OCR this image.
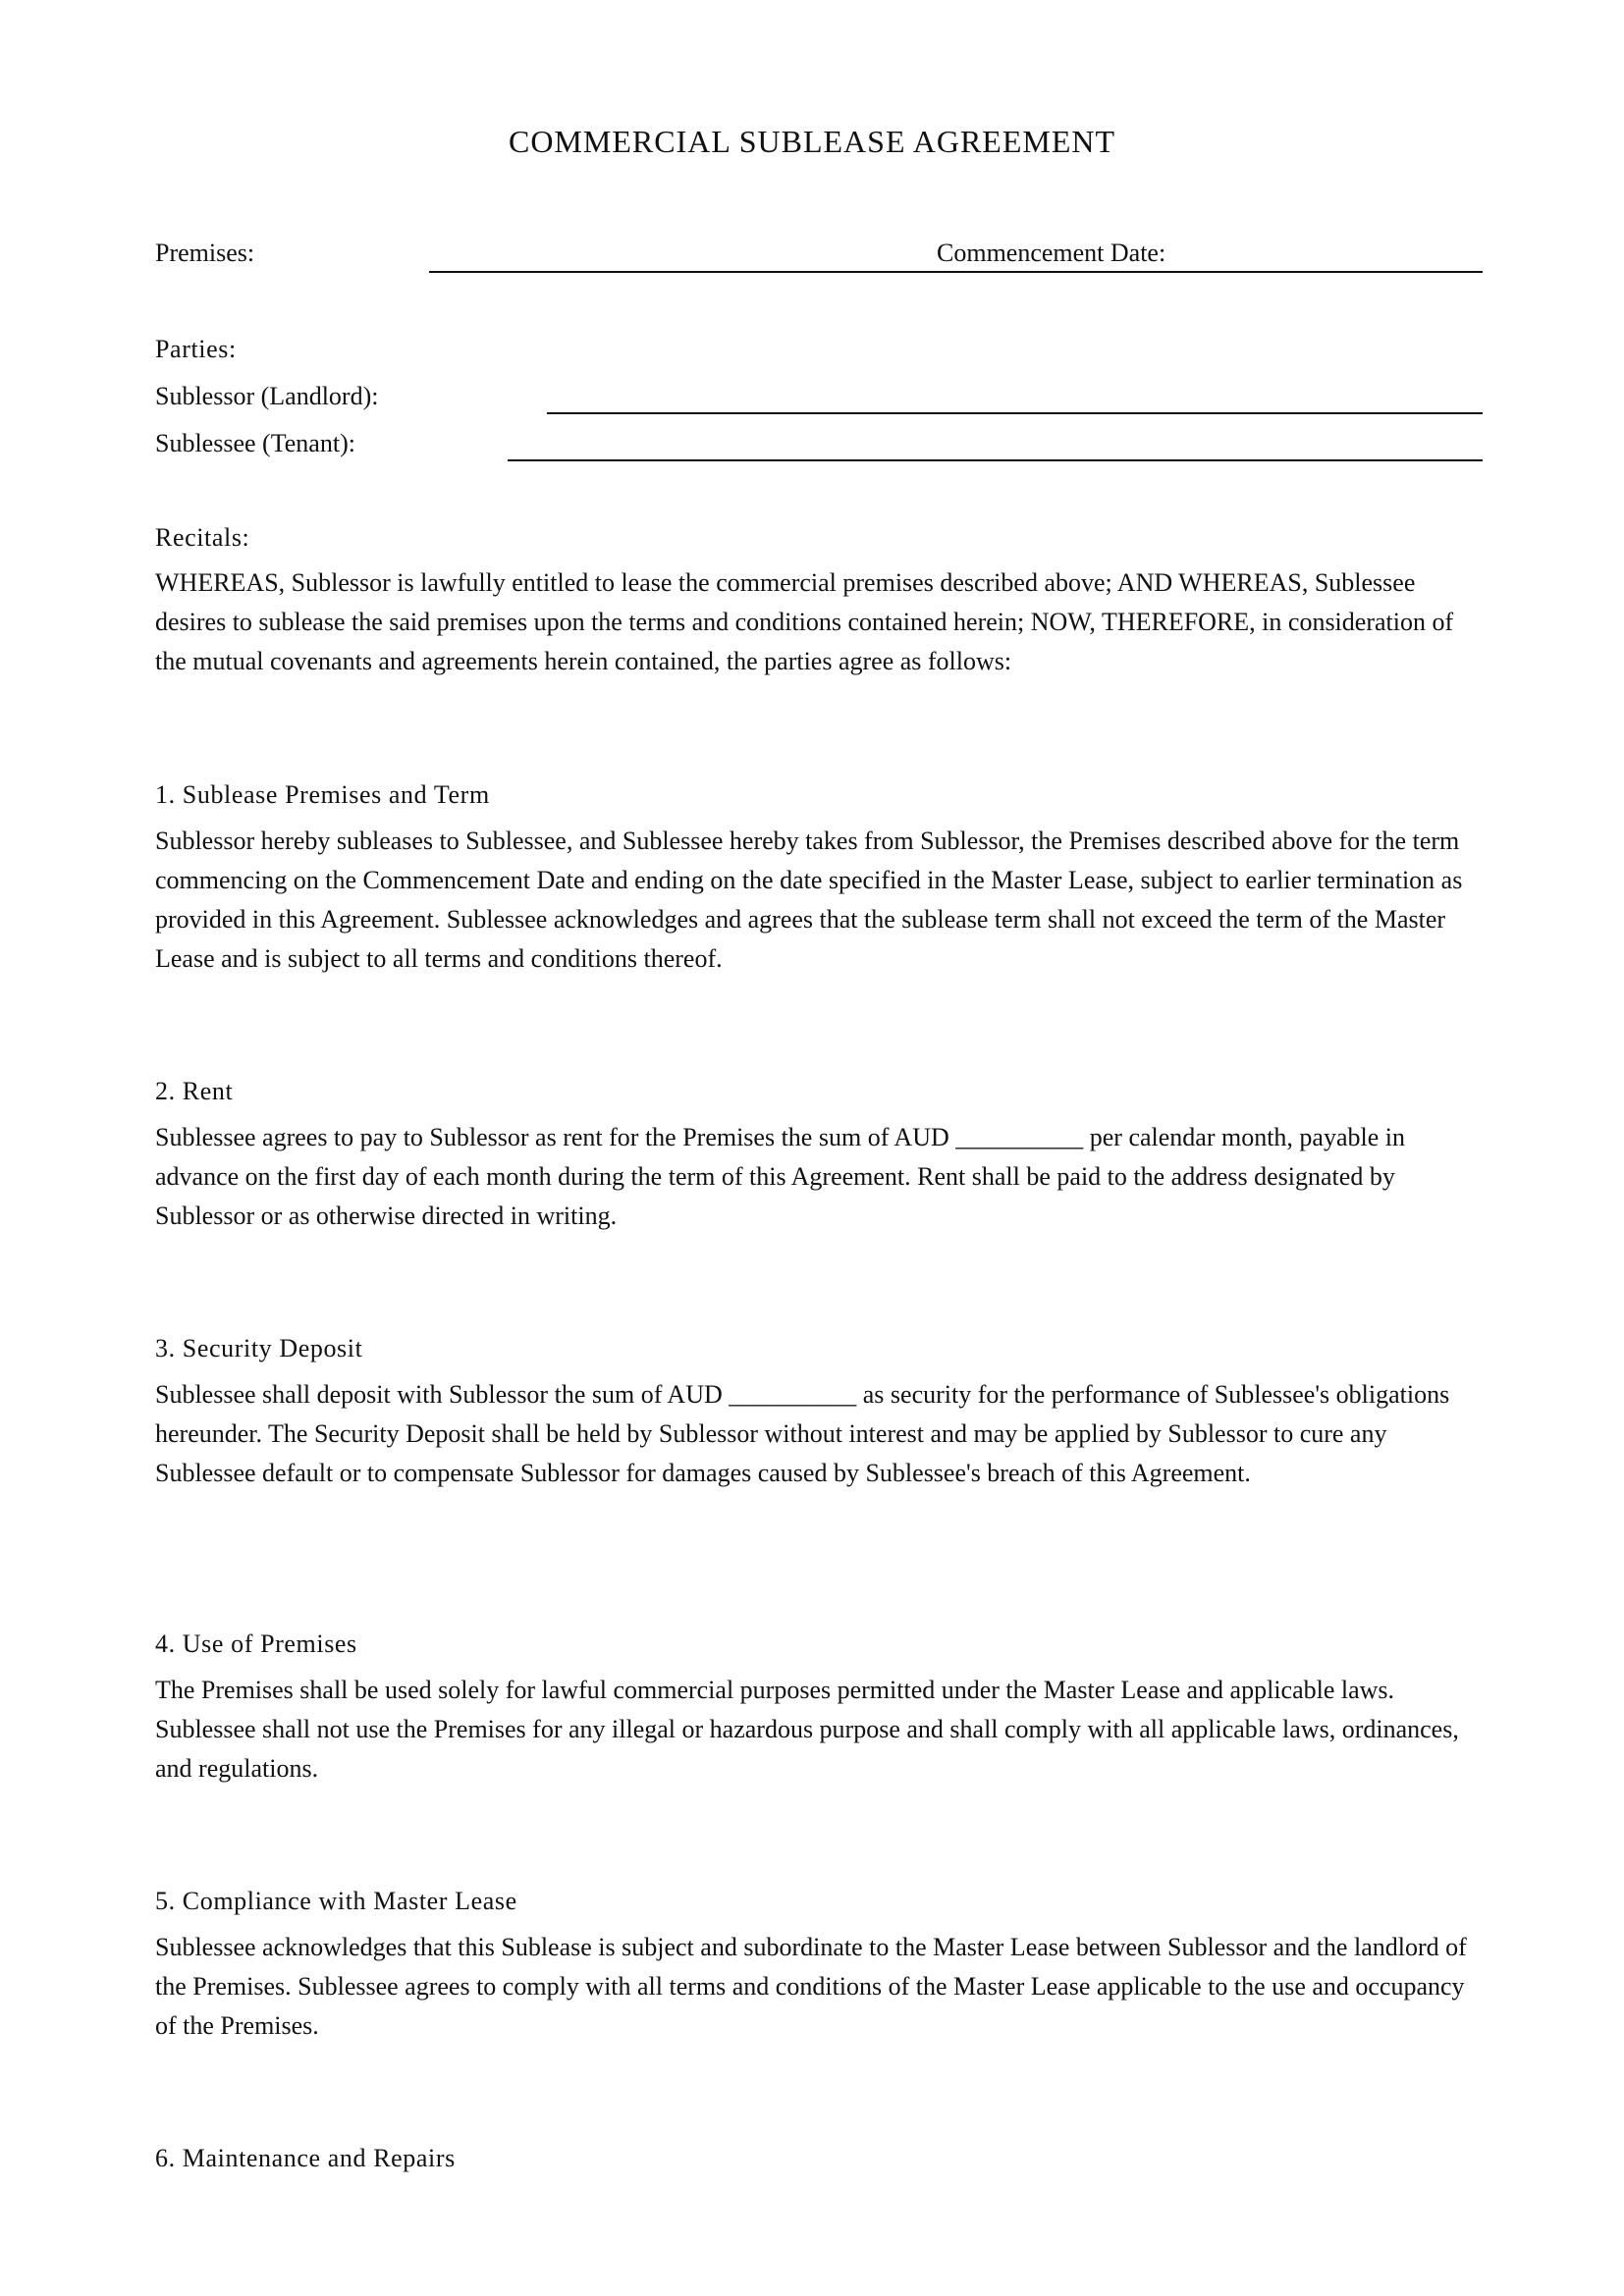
COMMERCIAL SUBLEASE AGREEMENT
Premises:	Commencement Date:
Parties:
Sublessor (Landlord):
Sublessee (Tenant):
Recitals:
WHEREAS, Sublessor is lawfully entitled to lease the commercial premises described above; AND WHEREAS, Sublessee desires to sublease the said premises upon the terms and conditions contained herein; NOW, THEREFORE, in consideration of the mutual covenants and agreements herein contained, the parties agree as follows:
1. Sublease Premises and Term
Sublessor hereby subleases to Sublessee, and Sublessee hereby takes from Sublessor, the Premises described above for the term commencing on the Commencement Date and ending on the date specified in the Master Lease, subject to earlier termination as provided in this Agreement. Sublessee acknowledges and agrees that the sublease term shall not exceed the term of the Master Lease and is subject to all terms and conditions thereof.
2. Rent
Sublessee agrees to pay to Sublessor as rent for the Premises the sum of AUD __________ per calendar month, payable in advance on the first day of each month during the term of this Agreement. Rent shall be paid to the address designated by Sublessor or as otherwise directed in writing.
3. Security Deposit
Sublessee shall deposit with Sublessor the sum of AUD __________ as security for the performance of Sublessee's obligations hereunder. The Security Deposit shall be held by Sublessor without interest and may be applied by Sublessor to cure any Sublessee default or to compensate Sublessor for damages caused by Sublessee's breach of this Agreement.
4. Use of Premises
The Premises shall be used solely for lawful commercial purposes permitted under the Master Lease and applicable laws. Sublessee shall not use the Premises for any illegal or hazardous purpose and shall comply with all applicable laws, ordinances, and regulations.
5. Compliance with Master Lease
Sublessee acknowledges that this Sublease is subject and subordinate to the Master Lease between Sublessor and the landlord of the Premises. Sublessee agrees to comply with all terms and conditions of the Master Lease applicable to the use and occupancy of the Premises.
6. Maintenance and Repairs
